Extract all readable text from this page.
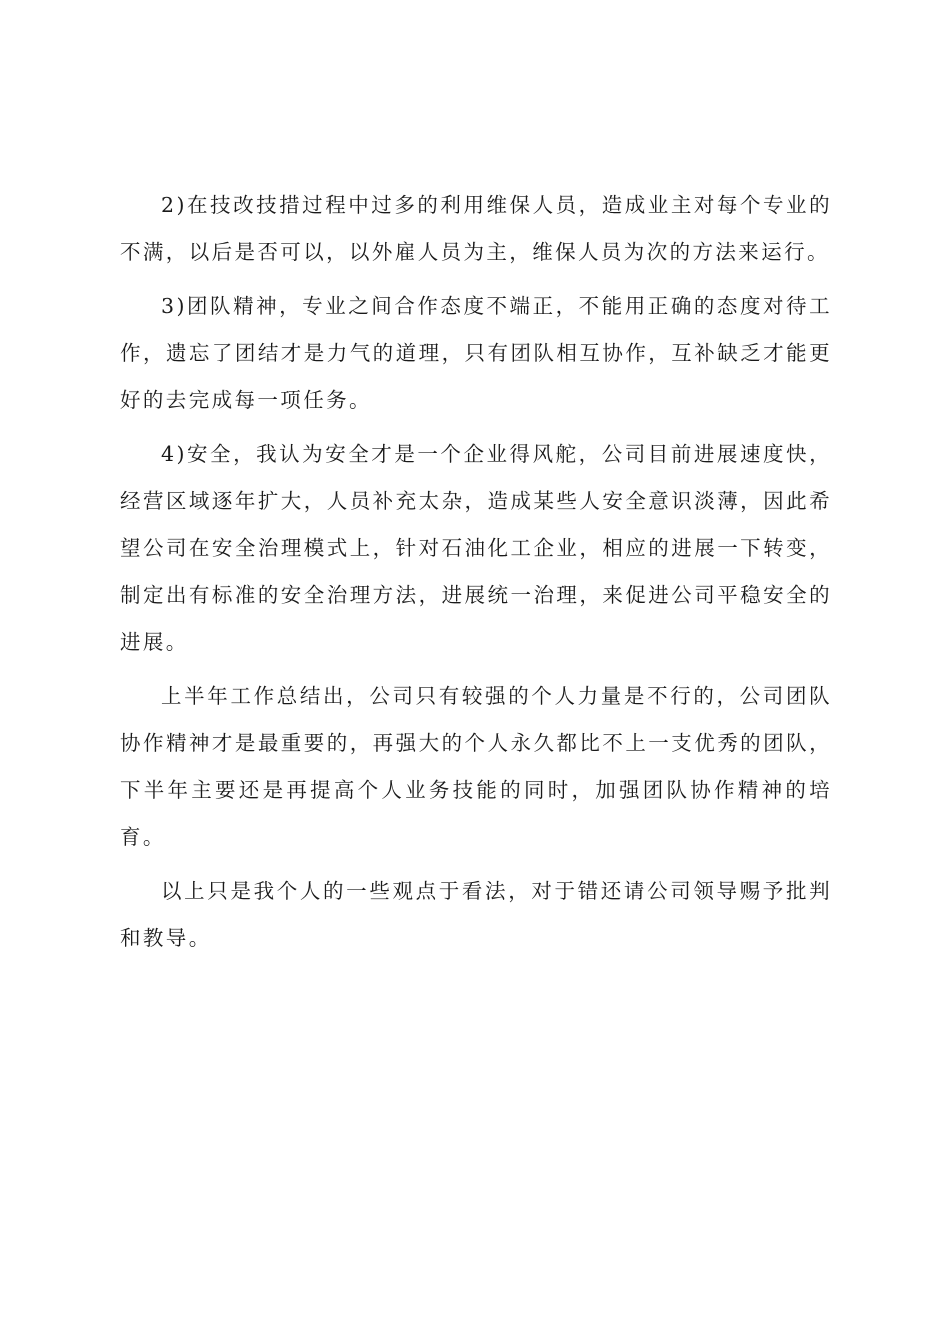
2)在技改技措过程中过多的利用维保人员，造成业主对每个专业的不满，以后是否可以，以外雇人员为主，维保人员为次的方法来运行。

3)团队精神，专业之间合作态度不端正，不能用正确的态度对待工作，遗忘了团结才是力气的道理，只有团队相互协作，互补缺乏才能更好的去完成每一项任务。

4)安全，我认为安全才是一个企业得风舵，公司目前进展速度快，经营区域逐年扩大，人员补充太杂，造成某些人安全意识淡薄，因此希望公司在安全治理模式上，针对石油化工企业，相应的进展一下转变，制定出有标准的安全治理方法，进展统一治理，来促进公司平稳安全的进展。

上半年工作总结出，公司只有较强的个人力量是不行的，公司团队协作精神才是最重要的，再强大的个人永久都比不上一支优秀的团队，下半年主要还是再提高个人业务技能的同时，加强团队协作精神的培育。

以上只是我个人的一些观点于看法，对于错还请公司领导赐予批判和教导。
